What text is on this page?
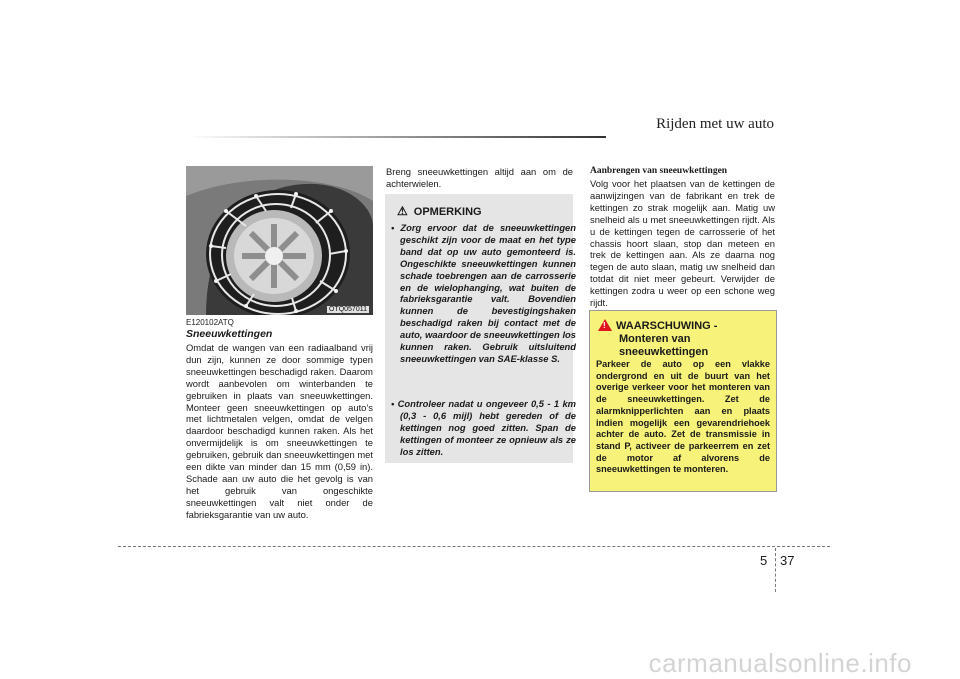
Rijden met uw auto
OTQ057011
E120102ATQ
Sneeuwkettingen
Omdat de wangen van een radiaalband vrij dun zijn, kunnen ze door sommige typen sneeuwkettingen beschadigd raken. Daarom wordt aanbevolen om winterbanden te gebruiken in plaats van sneeuwkettingen. Monteer geen sneeuwkettingen op auto’s met lichtmetalen velgen, omdat de velgen daardoor beschadigd kunnen raken. Als het onvermijdelijk is om sneeuwkettingen te gebruiken, gebruik dan sneeuwkettingen met een dikte van minder dan 15 mm (0,59 in). Schade aan uw auto die het gevolg is van het gebruik van ongeschikte sneeuwkettingen valt niet onder de fabrieksgarantie van uw auto.
Breng sneeuwkettingen altijd aan om de achterwielen.
⚠ OPMERKING
• Zorg ervoor dat de sneeuwkettingen geschikt zijn voor de maat en het type band dat op uw auto gemonteerd is. Ongeschikte sneeuwkettingen kunnen schade toebrengen aan de carrosserie en de wielophanging, wat buiten de fabrieksgarantie valt. Bovendien kunnen de bevestigingshaken beschadigd raken bij contact met de auto, waardoor de sneeuwkettingen los kunnen raken. Gebruik uitsluitend sneeuwkettingen van SAE-klasse S.
• Controleer nadat u ongeveer 0,5 - 1 km (0,3 - 0,6 mijl) hebt gereden of de kettingen nog goed zitten. Span de kettingen of monteer ze opnieuw als ze los zitten.
Aanbrengen van sneeuwkettingen
Volg voor het plaatsen van de kettingen de aanwijzingen van de fabrikant en trek de kettingen zo strak mogelijk aan. Matig uw snelheid als u met sneeuwkettingen rijdt. Als u de kettingen tegen de carrosserie of het chassis hoort slaan, stop dan meteen en trek de kettingen aan. Als ze daarna nog tegen de auto slaan, matig uw snelheid dan totdat dit niet meer gebeurt. Verwijder de kettingen zodra u weer op een schone weg rijdt.
! WAARSCHUWING -
Monteren van sneeuwkettingen
Parkeer de auto op een vlakke ondergrond en uit de buurt van het overige verkeer voor het monteren van de sneeuwkettingen. Zet de alarmknipperlichten aan en plaats indien mogelijk een gevarendriehoek achter de auto. Zet de transmissie in stand P, activeer de parkeerrem en zet de motor af alvorens de sneeuwkettingen te monteren.
5 37
carmanualsonline.info
